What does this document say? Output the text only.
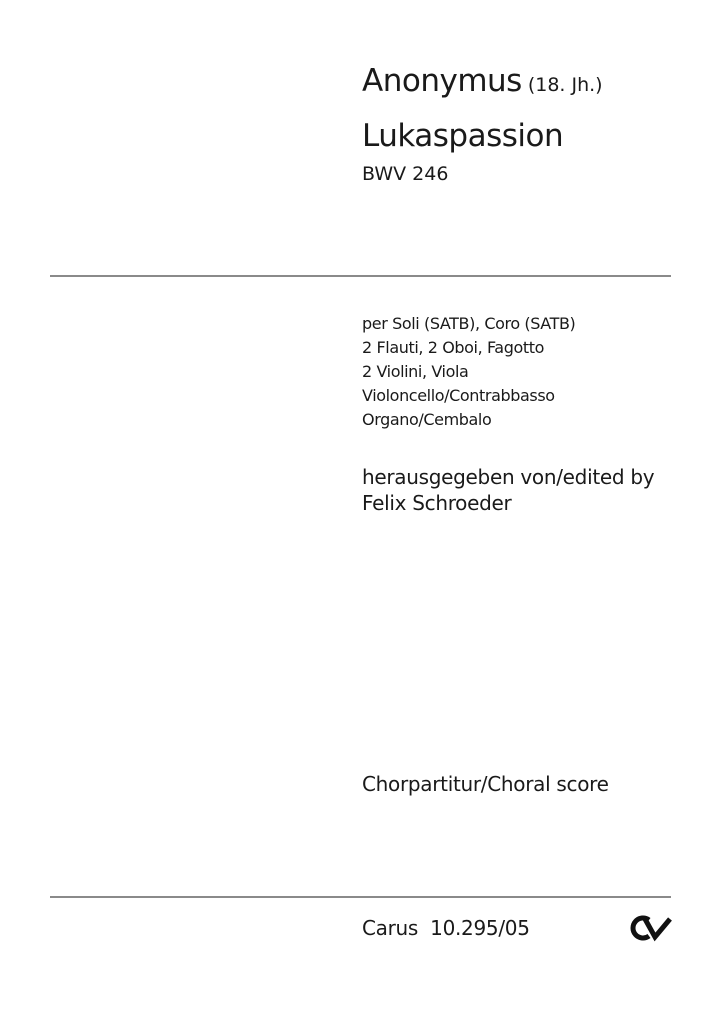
Anonymus (18. Jh.)
Lukaspassion
BWV 246
per Soli (SATB), Coro (SATB)
2 Flauti, 2 Oboi, Fagotto
2 Violini, Viola
Violoncello/Contrabbasso
Organo/Cembalo
herausgegeben von/edited by
Felix Schroeder
Chorpartitur/Choral score
Carus  10.295/05
